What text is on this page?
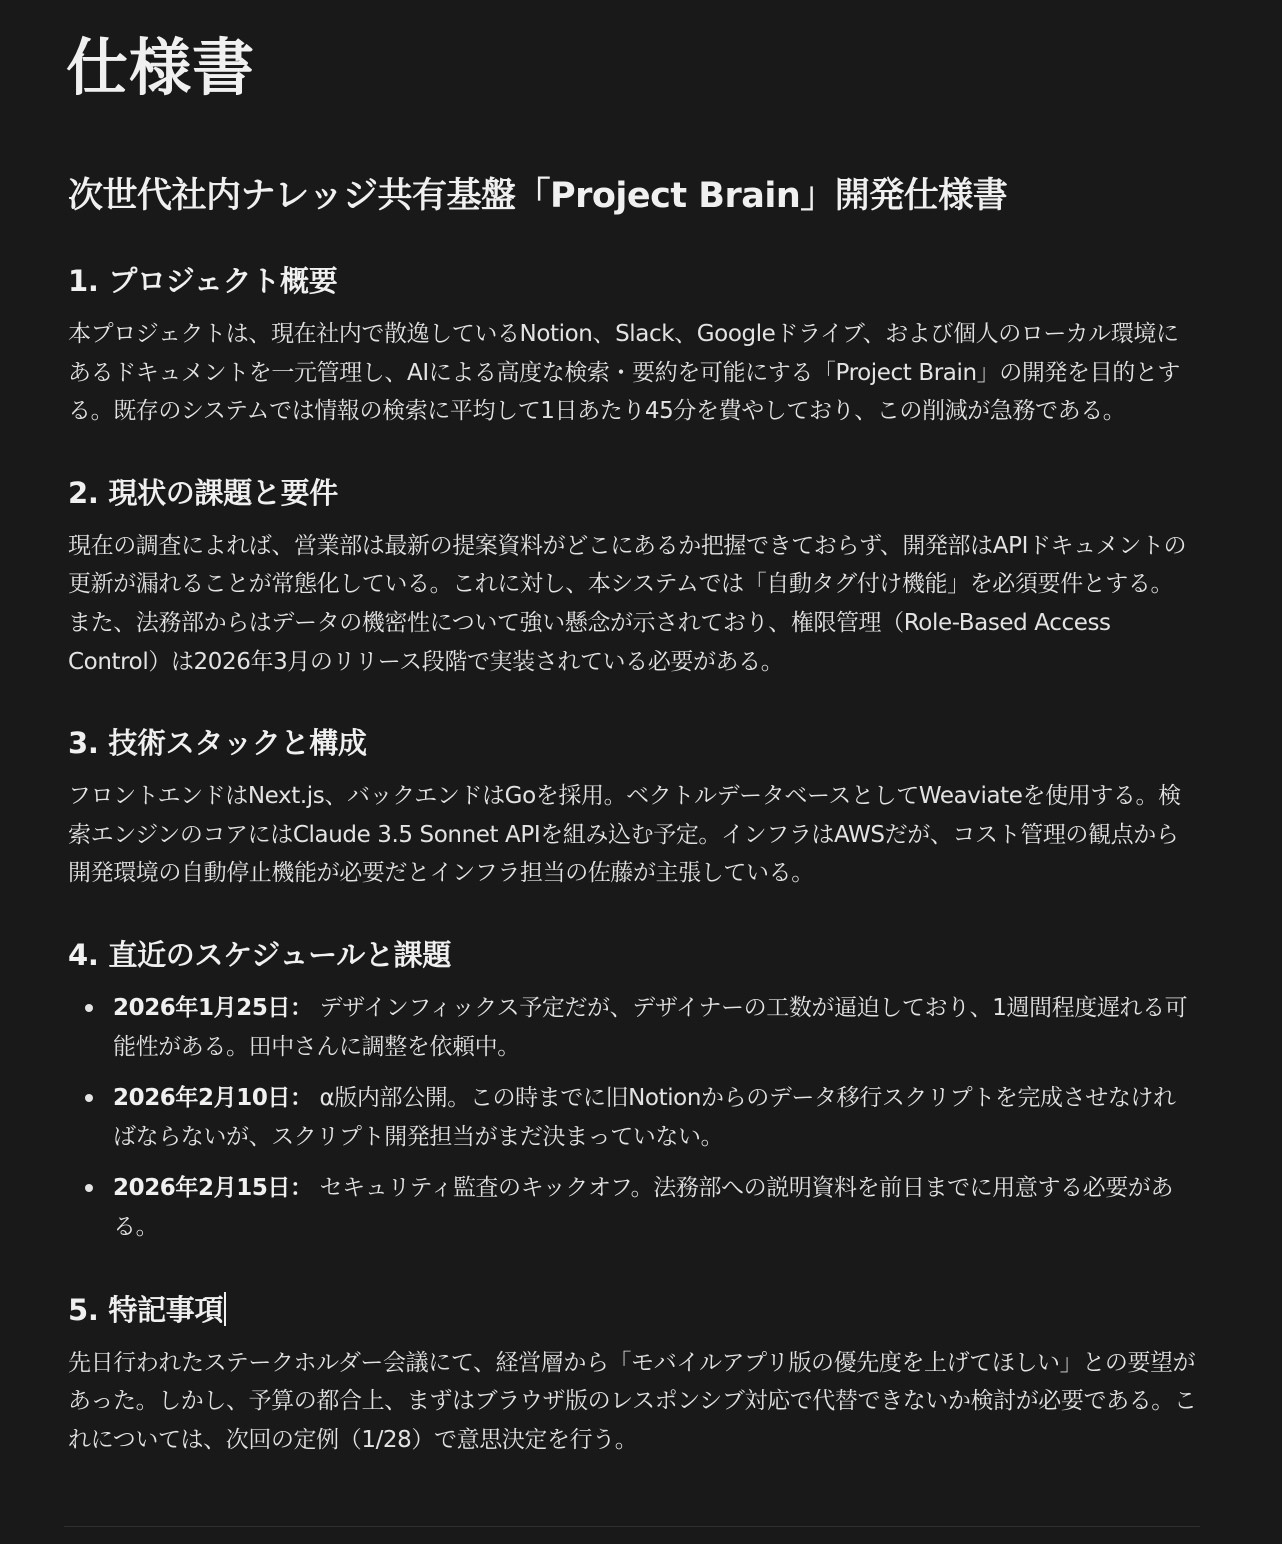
仕様書
次世代社内ナレッジ共有基盤「Project Brain」開発仕様書
1. プロジェクト概要

本プロジェクトは、現在社内で散逸しているNotion、Slack、Googleドライブ、および個人のローカル環境にあるドキュメントを一元管理し、AIによる高度な検索・要約を可能にする「Project Brain」の開発を目的とする。既存のシステムでは情報の検索に平均して1日あたり45分を費やしており、この削減が急務である。

2. 現状の課題と要件

現在の調査によれば、営業部は最新の提案資料がどこにあるか把握できておらず、開発部はAPIドキュメントの更新が漏れることが常態化している。これに対し、本システムでは「自動タグ付け機能」を必須要件とする。

また、法務部からはデータの機密性について強い懸念が示されており、権限管理（Role-Based Access Control）は2026年3月のリリース段階で実装されている必要がある。

3. 技術スタックと構成

フロントエンドはNext.js、バックエンドはGoを採用。ベクトルデータベースとしてWeaviateを使用する。検索エンジンのコアにはClaude 3.5 Sonnet APIを組み込む予定。インフラはAWSだが、コスト管理の観点から開発環境の自動停止機能が必要だとインフラ担当の佐藤が主張している。

4. 直近のスケジュールと課題
2026年1月25日： デザインフィックス予定だが、デザイナーの工数が逼迫しており、1週間程度遅れる可能性がある。田中さんに調整を依頼中。
2026年2月10日： α版内部公開。この時までに旧Notionからのデータ移行スクリプトを完成させなければならないが、スクリプト開発担当がまだ決まっていない。
2026年2月15日： セキュリティ監査のキックオフ。法務部への説明資料を前日までに用意する必要がある。
5. 特記事項

先日行われたステークホルダー会議にて、経営層から「モバイルアプリ版の優先度を上げてほしい」との要望があった。しかし、予算の都合上、まずはブラウザ版のレスポンシブ対応で代替できないか検討が必要である。これについては、次回の定例（1/28）で意思決定を行う。
